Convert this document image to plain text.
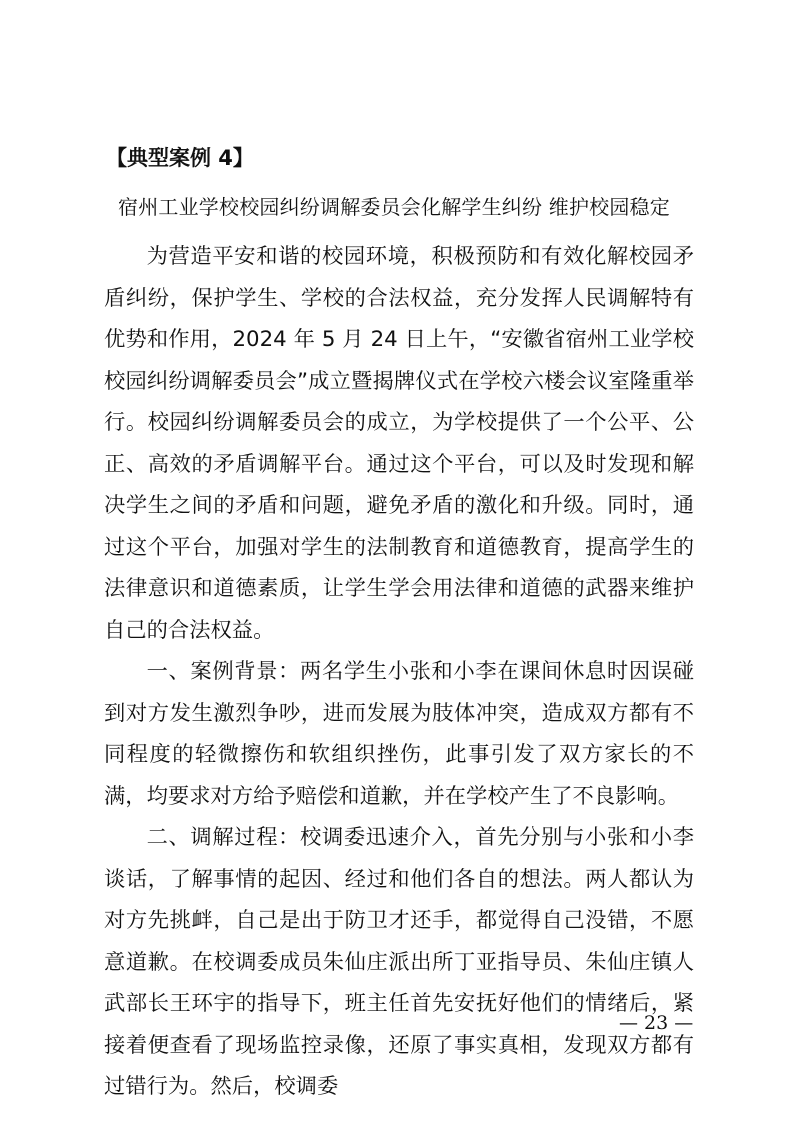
【典型案例 4】
宿州工业学校校园纠纷调解委员会化解学生纠纷 维护校园稳定

为营造平安和谐的校园环境，积极预防和有效化解校园矛盾纠纷，保护学生、学校的合法权益，充分发挥人民调解特有优势和作用，2024 年 5 月 24 日上午，“安徽省宿州工业学校校园纠纷调解委员会”成立暨揭牌仪式在学校六楼会议室隆重举行。校园纠纷调解委员会的成立，为学校提供了一个公平、公正、高效的矛盾调解平台。通过这个平台，可以及时发现和解决学生之间的矛盾和问题，避免矛盾的激化和升级。同时，通过这个平台，加强对学生的法制教育和道德教育，提高学生的法律意识和道德素质，让学生学会用法律和道德的武器来维护自己的合法权益。

一、案例背景：两名学生小张和小李在课间休息时因误碰到对方发生激烈争吵，进而发展为肢体冲突，造成双方都有不同程度的轻微擦伤和软组织挫伤，此事引发了双方家长的不满，均要求对方给予赔偿和道歉，并在学校产生了不良影响。

二、调解过程：校调委迅速介入，首先分别与小张和小李谈话，了解事情的起因、经过和他们各自的想法。两人都认为对方先挑衅，自己是出于防卫才还手，都觉得自己没错，不愿意道歉。在校调委成员朱仙庄派出所丁亚指导员、朱仙庄镇人武部长王环宇的指导下，班主任首先安抚好他们的情绪后，紧接着便查看了现场监控录像，还原了事实真相，发现双方都有过错行为。然后，校调委

— 23 —
